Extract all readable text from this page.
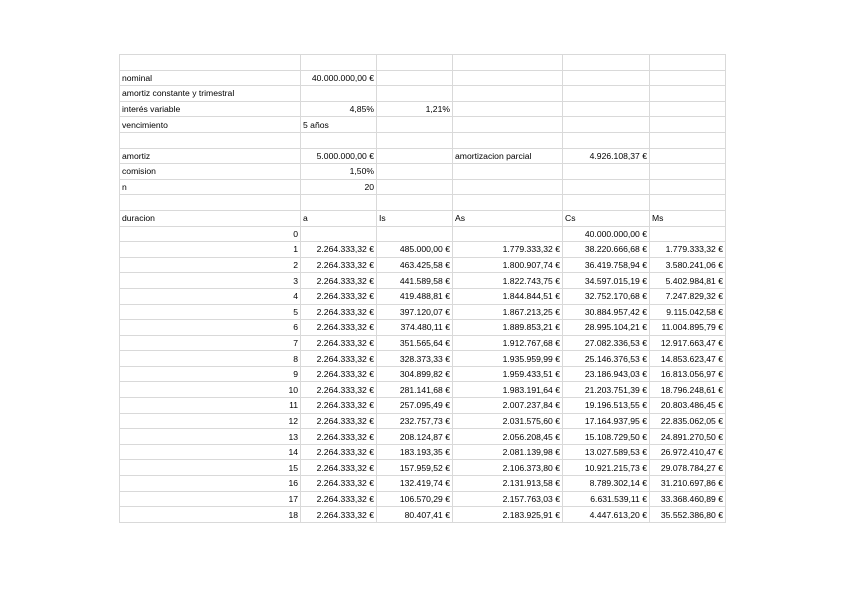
nominal	40.000.000,00 €				
amortiz constante y trimestral					
interés variable	4,85%	1,21%			
vencimiento	5 años				

amortiz	5.000.000,00 €		amortizacion parcial	4.926.108,37 €	
comision	1,50%				
n	20				

duracion	a	Is	As	Cs	Ms
0				40.000.000,00 €	
1	2.264.333,32 €	485.000,00 €	1.779.333,32 €	38.220.666,68 €	1.779.333,32 €
2	2.264.333,32 €	463.425,58 €	1.800.907,74 €	36.419.758,94 €	3.580.241,06 €
3	2.264.333,32 €	441.589,58 €	1.822.743,75 €	34.597.015,19 €	5.402.984,81 €
4	2.264.333,32 €	419.488,81 €	1.844.844,51 €	32.752.170,68 €	7.247.829,32 €
5	2.264.333,32 €	397.120,07 €	1.867.213,25 €	30.884.957,42 €	9.115.042,58 €
6	2.264.333,32 €	374.480,11 €	1.889.853,21 €	28.995.104,21 €	11.004.895,79 €
7	2.264.333,32 €	351.565,64 €	1.912.767,68 €	27.082.336,53 €	12.917.663,47 €
8	2.264.333,32 €	328.373,33 €	1.935.959,99 €	25.146.376,53 €	14.853.623,47 €
9	2.264.333,32 €	304.899,82 €	1.959.433,51 €	23.186.943,03 €	16.813.056,97 €
10	2.264.333,32 €	281.141,68 €	1.983.191,64 €	21.203.751,39 €	18.796.248,61 €
11	2.264.333,32 €	257.095,49 €	2.007.237,84 €	19.196.513,55 €	20.803.486,45 €
12	2.264.333,32 €	232.757,73 €	2.031.575,60 €	17.164.937,95 €	22.835.062,05 €
13	2.264.333,32 €	208.124,87 €	2.056.208,45 €	15.108.729,50 €	24.891.270,50 €
14	2.264.333,32 €	183.193,35 €	2.081.139,98 €	13.027.589,53 €	26.972.410,47 €
15	2.264.333,32 €	157.959,52 €	2.106.373,80 €	10.921.215,73 €	29.078.784,27 €
16	2.264.333,32 €	132.419,74 €	2.131.913,58 €	8.789.302,14 €	31.210.697,86 €
17	2.264.333,32 €	106.570,29 €	2.157.763,03 €	6.631.539,11 €	33.368.460,89 €
18	2.264.333,32 €	80.407,41 €	2.183.925,91 €	4.447.613,20 €	35.552.386,80 €
